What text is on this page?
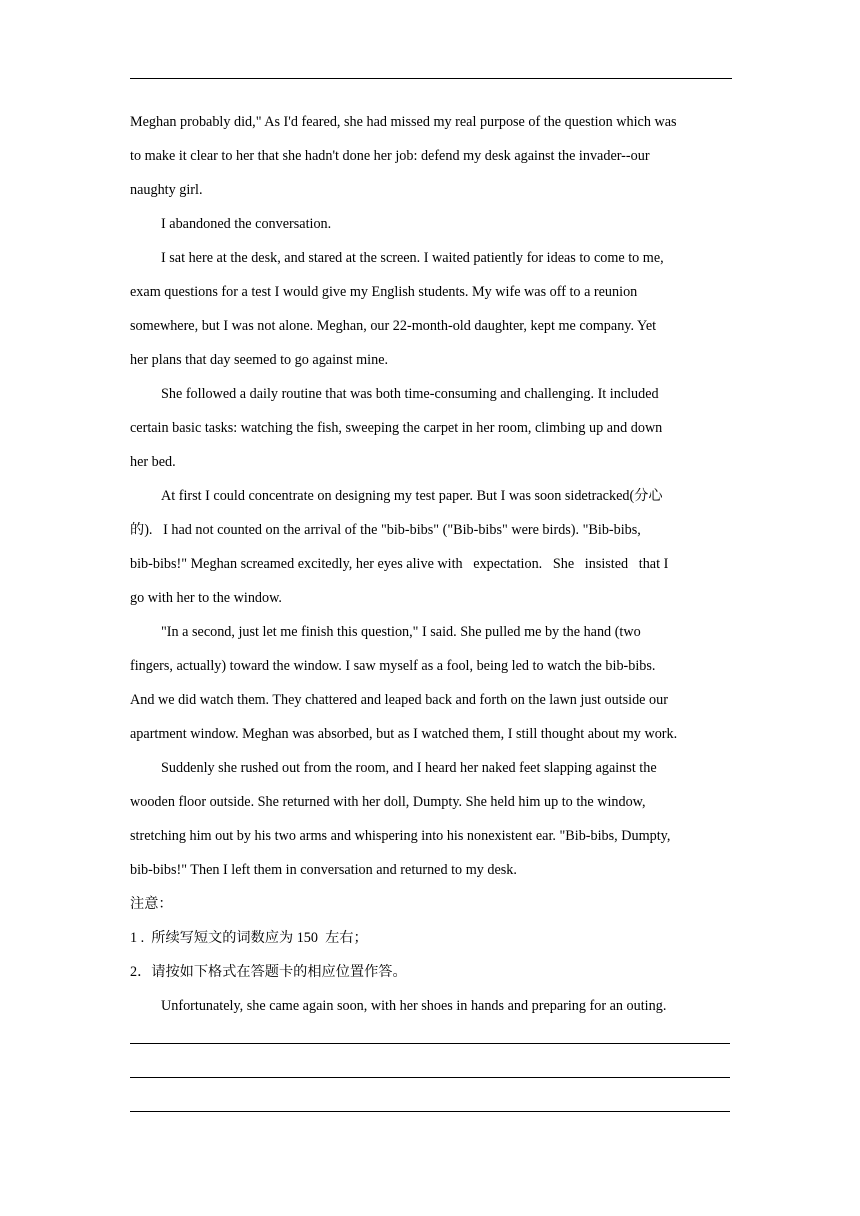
Meghan probably did," As I'd feared, she had missed my real purpose of the question which was
to make it clear to her that she hadn't done her job: defend my desk against the invader--our
naughty girl.
I abandoned the conversation.
I sat here at the desk, and stared at the screen. I waited patiently for ideas to come to me,
exam questions for a test I would give my English students. My wife was off to a reunion
somewhere, but I was not alone. Meghan, our 22-month-old daughter, kept me company. Yet
her plans that day seemed to go against mine.
She followed a daily routine that was both time-consuming and challenging. It included
certain basic tasks: watching the fish, sweeping the carpet in her room, climbing up and down
her bed.
At first I could concentrate on designing my test paper. But I was soon sidetracked(分心
的).   I had not counted on the arrival of the "bib-bibs" ("Bib-bibs" were birds). "Bib-bibs,
bib-bibs!" Meghan screamed excitedly, her eyes alive with   expectation.   She   insisted   that I
go with her to the window.
"In a second, just let me finish this question," I said. She pulled me by the hand (two
fingers, actually) toward the window. I saw myself as a fool, being led to watch the bib-bibs.
And we did watch them. They chattered and leaped back and forth on the lawn just outside our
apartment window. Meghan was absorbed, but as I watched them, I still thought about my work.
Suddenly she rushed out from the room, and I heard her naked feet slapping against the
wooden floor outside. She returned with her doll, Dumpty. She held him up to the window,
stretching him out by his two arms and whispering into his nonexistent ear. "Bib-bibs, Dumpty,
bib-bibs!" Then I left them in conversation and returned to my desk.
注意：
1 .  所续写短文的词数应为 150  左右；
2．请按如下格式在答题卡的相应位置作答。
Unfortunately, she came again soon, with her shoes in hands and preparing for an outing.
